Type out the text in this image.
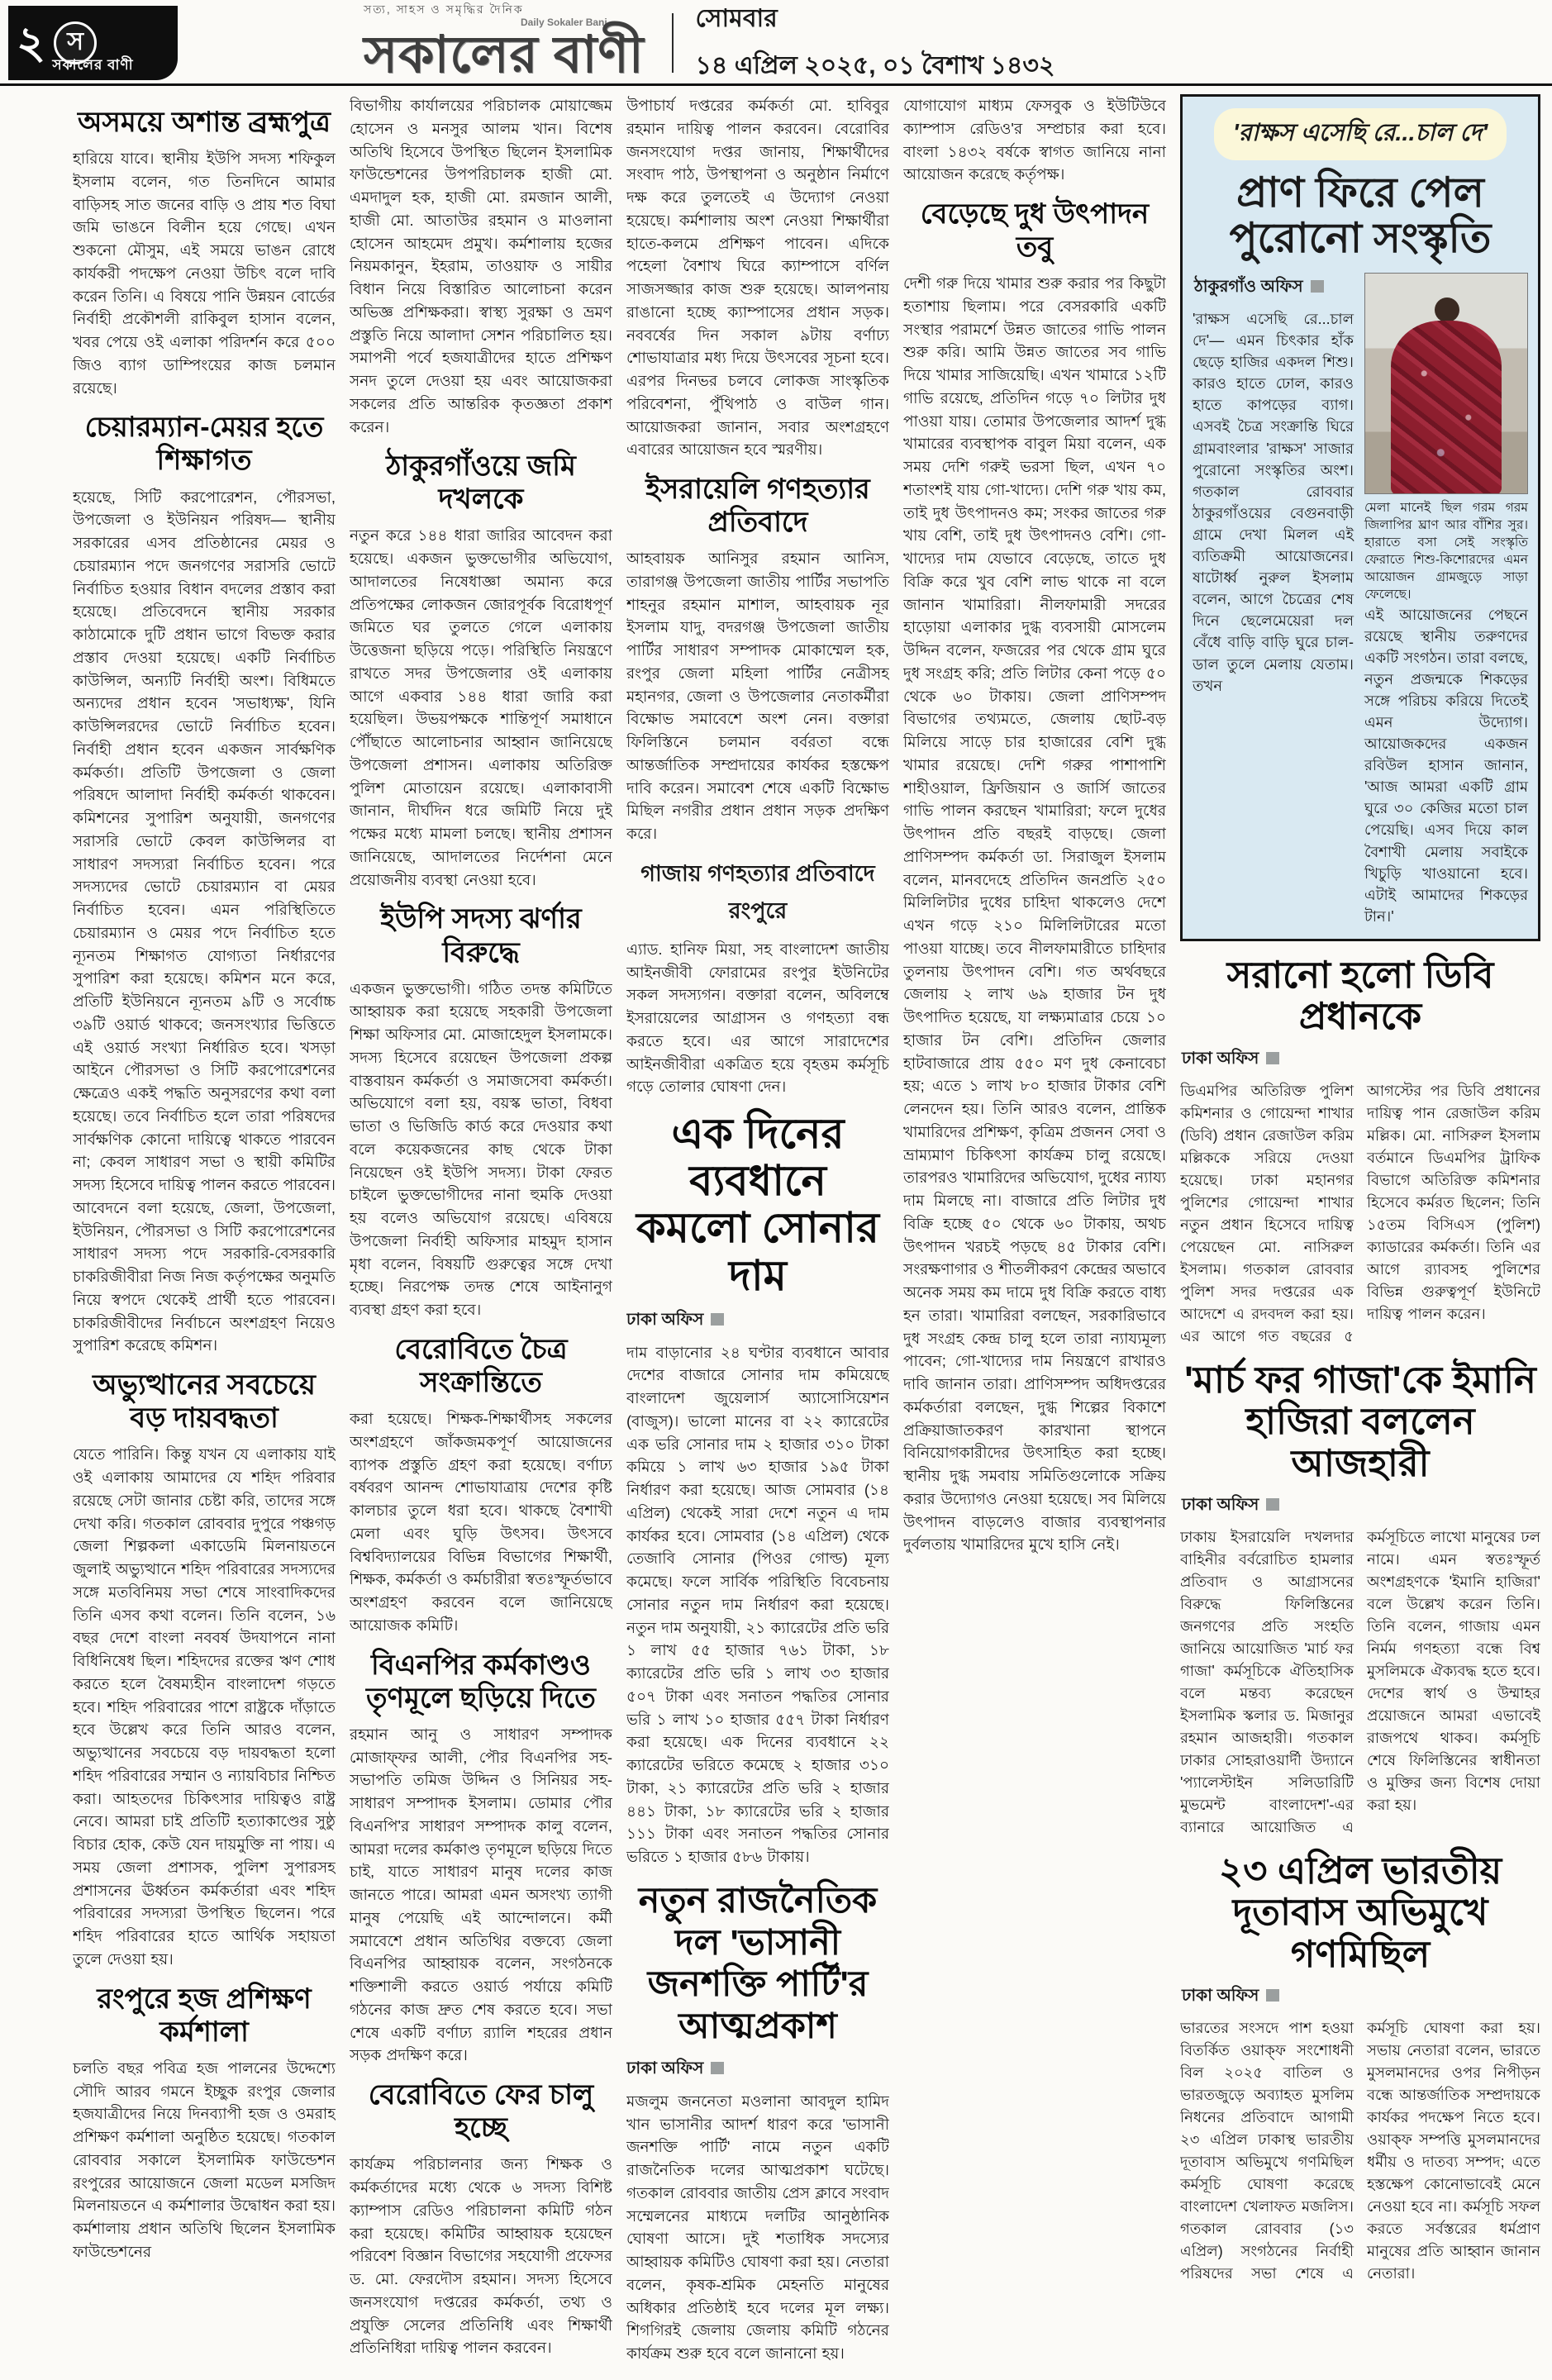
২ স
সকালের বাণী
সত্য, সাহস ও সমৃদ্ধির দৈনিক
Daily Sokaler Bani
সকালের বাণী
সোমবার
১৪ এপ্রিল ২০২৫, ০১ বৈশাখ ১৪৩২
অসময়ে অশান্ত ব্রহ্মপুত্র

হারিয়ে যাবে। স্থানীয় ইউপি সদস্য শফিকুল ইসলাম বলেন, গত তিনদিনে আমার বাড়িসহ সাত জনের বাড়ি ও প্রায় শত বিঘা জমি ভাঙনে বিলীন হয়ে গেছে। এখন শুকনো মৌসুম, এই সময়ে ভাঙন রোধে কার্যকরী পদক্ষেপ নেওয়া উচিৎ বলে দাবি করেন তিনি। এ বিষয়ে পানি উন্নয়ন বোর্ডের নির্বাহী প্রকৌশলী রাকিবুল হাসান বলেন, খবর পেয়ে ওই এলাকা পরিদর্শন করে ৫০০ জিও ব্যাগ ডাম্পিংয়ের কাজ চলমান রয়েছে।

চেয়ারম্যান-মেয়র হতে শিক্ষাগত

হয়েছে, সিটি করপোরেশন, পৌরসভা, উপজেলা ও ইউনিয়ন পরিষদ— স্থানীয় সরকারের এসব প্রতিষ্ঠানের মেয়র ও চেয়ারম্যান পদে জনগণের সরাসরি ভোটে নির্বাচিত হওয়ার বিধান বদলের প্রস্তাব করা হয়েছে। প্রতিবেদনে স্থানীয় সরকার কাঠামোকে দুটি প্রধান ভাগে বিভক্ত করার প্রস্তাব দেওয়া হয়েছে। একটি নির্বাচিত কাউন্সিল, অন্যটি নির্বাহী অংশ। বিধিমতে অন্যদের প্রধান হবেন 'সভাধ্যক্ষ', যিনি কাউন্সিলরদের ভোটে নির্বাচিত হবেন। নির্বাহী প্রধান হবেন একজন সার্বক্ষণিক কর্মকর্তা। প্রতিটি উপজেলা ও জেলা পরিষদে আলাদা নির্বাহী কর্মকর্তা থাকবেন। কমিশনের সুপারিশ অনুযায়ী, জনগণের সরাসরি ভোটে কেবল কাউন্সিলর বা সাধারণ সদস্যরা নির্বাচিত হবেন। পরে সদস্যদের ভোটে চেয়ারম্যান বা মেয়র নির্বাচিত হবেন। এমন পরিস্থিতিতে চেয়ারম্যান ও মেয়র পদে নির্বাচিত হতে ন্যূনতম শিক্ষাগত যোগ্যতা নির্ধারণের সুপারিশ করা হয়েছে। কমিশন মনে করে, প্রতিটি ইউনিয়নে ন্যূনতম ৯টি ও সর্বোচ্চ ৩৯টি ওয়ার্ড থাকবে; জনসংখ্যার ভিত্তিতে এই ওয়ার্ড সংখ্যা নির্ধারিত হবে। খসড়া আইনে পৌরসভা ও সিটি করপোরেশনের ক্ষেত্রেও একই পদ্ধতি অনুসরণের কথা বলা হয়েছে। তবে নির্বাচিত হলে তারা পরিষদের সার্বক্ষণিক কোনো দায়িত্বে থাকতে পারবেন না; কেবল সাধারণ সভা ও স্থায়ী কমিটির সদস্য হিসেবে দায়িত্ব পালন করতে পারবেন। আবেদনে বলা হয়েছে, জেলা, উপজেলা, ইউনিয়ন, পৌরসভা ও সিটি করপোরেশনের সাধারণ সদস্য পদে সরকারি-বেসরকারি চাকরিজীবীরা নিজ নিজ কর্তৃপক্ষের অনুমতি নিয়ে স্বপদে থেকেই প্রার্থী হতে পারবেন। চাকরিজীবীদের নির্বাচনে অংশগ্রহণ নিয়েও সুপারিশ করেছে কমিশন।

অভ্যুত্থানের সবচেয়ে বড় দায়বদ্ধতা

যেতে পারিনি। কিন্তু যখন যে এলাকায় যাই ওই এলাকায় আমাদের যে শহিদ পরিবার রয়েছে সেটা জানার চেষ্টা করি, তাদের সঙ্গে দেখা করি। গতকাল রোববার দুপুরে পঞ্চগড় জেলা শিল্পকলা একাডেমি মিলনায়তনে জুলাই অভ্যুত্থানে শহিদ পরিবারের সদস্যদের সঙ্গে মতবিনিময় সভা শেষে সাংবাদিকদের তিনি এসব কথা বলেন। তিনি বলেন, ১৬ বছর দেশে বাংলা নববর্ষ উদযাপনে নানা বিধিনিষেধ ছিল। শহিদদের রক্তের ঋণ শোধ করতে হলে বৈষম্যহীন বাংলাদেশ গড়তে হবে। শহিদ পরিবারের পাশে রাষ্ট্রকে দাঁড়াতে হবে উল্লেখ করে তিনি আরও বলেন, অভ্যুত্থানের সবচেয়ে বড় দায়বদ্ধতা হলো শহিদ পরিবারের সম্মান ও ন্যায়বিচার নিশ্চিত করা। আহতদের চিকিৎসার দায়িত্বও রাষ্ট্র নেবে। আমরা চাই প্রতিটি হত্যাকাণ্ডের সুষ্ঠু বিচার হোক, কেউ যেন দায়মুক্তি না পায়। এ সময় জেলা প্রশাসক, পুলিশ সুপারসহ প্রশাসনের ঊর্ধ্বতন কর্মকর্তারা এবং শহিদ পরিবারের সদস্যরা উপস্থিত ছিলেন। পরে শহিদ পরিবারের হাতে আর্থিক সহায়তা তুলে দেওয়া হয়।

রংপুরে হজ প্রশিক্ষণ কর্মশালা

চলতি বছর পবিত্র হজ পালনের উদ্দেশ্যে সৌদি আরব গমনে ইচ্ছুক রংপুর জেলার হজযাত্রীদের নিয়ে দিনব্যাপী হজ ও ওমরাহ প্রশিক্ষণ কর্মশালা অনুষ্ঠিত হয়েছে। গতকাল রোববার সকালে ইসলামিক ফাউন্ডেশন রংপুরের আয়োজনে জেলা মডেল মসজিদ মিলনায়তনে এ কর্মশালার উদ্বোধন করা হয়। কর্মশালায় প্রধান অতিথি ছিলেন ইসলামিক ফাউন্ডেশনের

বিভাগীয় কার্যালয়ের পরিচালক মোয়াজ্জেম হোসেন ও মনসুর আলম খান। বিশেষ অতিথি হিসেবে উপস্থিত ছিলেন ইসলামিক ফাউন্ডেশনের উপপরিচালক হাজী মো. এমদাদুল হক, হাজী মো. রমজান আলী, হাজী মো. আতাউর রহমান ও মাওলানা হোসেন আহমেদ প্রমুখ। কর্মশালায় হজের নিয়মকানুন, ইহরাম, তাওয়াফ ও সায়ীর বিধান নিয়ে বিস্তারিত আলোচনা করেন অভিজ্ঞ প্রশিক্ষকরা। স্বাস্থ্য সুরক্ষা ও ভ্রমণ প্রস্তুতি নিয়ে আলাদা সেশন পরিচালিত হয়। সমাপনী পর্বে হজযাত্রীদের হাতে প্রশিক্ষণ সনদ তুলে দেওয়া হয় এবং আয়োজকরা সকলের প্রতি আন্তরিক কৃতজ্ঞতা প্রকাশ করেন।

ঠাকুরগাঁওয়ে জমি দখলকে

নতুন করে ১৪৪ ধারা জারির আবেদন করা হয়েছে। একজন ভুক্তভোগীর অভিযোগ, আদালতের নিষেধাজ্ঞা অমান্য করে প্রতিপক্ষের লোকজন জোরপূর্বক বিরোধপূর্ণ জমিতে ঘর তুলতে গেলে এলাকায় উত্তেজনা ছড়িয়ে পড়ে। পরিস্থিতি নিয়ন্ত্রণে রাখতে সদর উপজেলার ওই এলাকায় আগে একবার ১৪৪ ধারা জারি করা হয়েছিল। উভয়পক্ষকে শান্তিপূর্ণ সমাধানে পৌঁছাতে আলোচনার আহ্বান জানিয়েছে উপজেলা প্রশাসন। এলাকায় অতিরিক্ত পুলিশ মোতায়েন রয়েছে। এলাকাবাসী জানান, দীর্ঘদিন ধরে জমিটি নিয়ে দুই পক্ষের মধ্যে মামলা চলছে। স্থানীয় প্রশাসন জানিয়েছে, আদালতের নির্দেশনা মেনে প্রয়োজনীয় ব্যবস্থা নেওয়া হবে।

ইউপি সদস্য ঝর্ণার বিরুদ্ধে

একজন ভুক্তভোগী। গঠিত তদন্ত কমিটিতে আহ্বায়ক করা হয়েছে সহকারী উপজেলা শিক্ষা অফিসার মো. মোজাহেদুল ইসলামকে। সদস্য হিসেবে রয়েছেন উপজেলা প্রকল্প বাস্তবায়ন কর্মকর্তা ও সমাজসেবা কর্মকর্তা। অভিযোগে বলা হয়, বয়স্ক ভাতা, বিধবা ভাতা ও ভিজিডি কার্ড করে দেওয়ার কথা বলে কয়েকজনের কাছ থেকে টাকা নিয়েছেন ওই ইউপি সদস্য। টাকা ফেরত চাইলে ভুক্তভোগীদের নানা হুমকি দেওয়া হয় বলেও অভিযোগ রয়েছে। এবিষয়ে উপজেলা নির্বাহী অফিসার মাহমুদ হাসান মৃধা বলেন, বিষয়টি গুরুত্বের সঙ্গে দেখা হচ্ছে। নিরপেক্ষ তদন্ত শেষে আইনানুগ ব্যবস্থা গ্রহণ করা হবে।

বেরোবিতে চৈত্র সংক্রান্তিতে

করা হয়েছে। শিক্ষক-শিক্ষার্থীসহ সকলের অংশগ্রহণে জাঁকজমকপূর্ণ আয়োজনের ব্যাপক প্রস্তুতি গ্রহণ করা হয়েছে। বর্ণাঢ্য বর্ষবরণ আনন্দ শোভাযাত্রায় দেশের কৃষ্টি কালচার তুলে ধরা হবে। থাকছে বৈশাখী মেলা এবং ঘুড়ি উৎসব। উৎসবে বিশ্ববিদ্যালয়ের বিভিন্ন বিভাগের শিক্ষার্থী, শিক্ষক, কর্মকর্তা ও কর্মচারীরা স্বতঃস্ফূর্তভাবে অংশগ্রহণ করবেন বলে জানিয়েছে আয়োজক কমিটি।

বিএনপির কর্মকাণ্ডও তৃণমূলে ছড়িয়ে দিতে

রহমান আনু ও সাধারণ সম্পাদক মোজাফ্‌ফর আলী, পৌর বিএনপির সহ-সভাপতি তমিজ উদ্দিন ও সিনিয়র সহ-সাধারণ সম্পাদক ইসলাম। ডোমার পৌর বিএনপি'র সাধারণ সম্পাদক কালু বলেন, আমরা দলের কর্মকাণ্ড তৃণমূলে ছড়িয়ে দিতে চাই, যাতে সাধারণ মানুষ দলের কাজ জানতে পারে। আমরা এমন অসংখ্য ত্যাগী মানুষ পেয়েছি এই আন্দোলনে। কর্মী সমাবেশে প্রধান অতিথির বক্তব্যে জেলা বিএনপির আহ্বায়ক বলেন, সংগঠনকে শক্তিশালী করতে ওয়ার্ড পর্যায়ে কমিটি গঠনের কাজ দ্রুত শেষ করতে হবে। সভা শেষে একটি বর্ণাঢ্য র‍্যালি শহরের প্রধান সড়ক প্রদক্ষিণ করে।

বেরোবিতে ফের চালু হচ্ছে

কার্যক্রম পরিচালনার জন্য শিক্ষক ও কর্মকর্তাদের মধ্যে থেকে ৬ সদস্য বিশিষ্ট ক্যাম্পাস রেডিও পরিচালনা কমিটি গঠন করা হয়েছে। কমিটির আহ্বায়ক হয়েছেন পরিবেশ বিজ্ঞান বিভাগের সহযোগী প্রফেসর ড. মো. ফেরদৌস রহমান। সদস্য হিসেবে জনসংযোগ দপ্তরের কর্মকর্তা, তথ্য ও প্রযুক্তি সেলের প্রতিনিধি এবং শিক্ষার্থী প্রতিনিধিরা দায়িত্ব পালন করবেন।

উপাচার্য দপ্তরের কর্মকর্তা মো. হাবিবুর রহমান দায়িত্ব পালন করবেন। বেরোবির জনসংযোগ দপ্তর জানায়, শিক্ষার্থীদের সংবাদ পাঠ, উপস্থাপনা ও অনুষ্ঠান নির্মাণে দক্ষ করে তুলতেই এ উদ্যোগ নেওয়া হয়েছে। কর্মশালায় অংশ নেওয়া শিক্ষার্থীরা হাতে-কলমে প্রশিক্ষণ পাবেন। এদিকে পহেলা বৈশাখ ঘিরে ক্যাম্পাসে বর্ণিল সাজসজ্জার কাজ শুরু হয়েছে। আলপনায় রাঙানো হচ্ছে ক্যাম্পাসের প্রধান সড়ক। নববর্ষের দিন সকাল ৯টায় বর্ণাঢ্য শোভাযাত্রার মধ্য দিয়ে উৎসবের সূচনা হবে। এরপর দিনভর চলবে লোকজ সাংস্কৃতিক পরিবেশনা, পুঁথিপাঠ ও বাউল গান। আয়োজকরা জানান, সবার অংশগ্রহণে এবারের আয়োজন হবে স্মরণীয়।

ইসরায়েলি গণহত্যার প্রতিবাদে

আহবায়ক আনিসুর রহমান আনিস, তারাগঞ্জ উপজেলা জাতীয় পার্টির সভাপতি শাহনুর রহমান মাশাল, আহবায়ক নূর ইসলাম যাদু, বদরগঞ্জ উপজেলা জাতীয় পার্টির সাধারণ সম্পাদক মোকাম্মেল হক, রংপুর জেলা মহিলা পার্টির নেত্রীসহ মহানগর, জেলা ও উপজেলার নেতাকর্মীরা বিক্ষোভ সমাবেশে অংশ নেন। বক্তারা ফিলিস্তিনে চলমান বর্বরতা বন্ধে আন্তর্জাতিক সম্প্রদায়ের কার্যকর হস্তক্ষেপ দাবি করেন। সমাবেশ শেষে একটি বিক্ষোভ মিছিল নগরীর প্রধান প্রধান সড়ক প্রদক্ষিণ করে।

গাজায় গণহত্যার প্রতিবাদে রংপুরে

এ্যাড. হানিফ মিয়া, সহ বাংলাদেশ জাতীয় আইনজীবী ফোরামের রংপুর ইউনিটের সকল সদস্যগন। বক্তারা বলেন, অবিলম্বে ইসরায়েলের আগ্রাসন ও গণহত্যা বন্ধ করতে হবে। এর আগে সারাদেশের আইনজীবীরা একত্রিত হয়ে বৃহত্তম কর্মসূচি গড়ে তোলার ঘোষণা দেন।

এক দিনের ব্যবধানে কমলো সোনার দাম
ঢাকা অফিস

দাম বাড়ানোর ২৪ ঘণ্টার ব্যবধানে আবার দেশের বাজারে সোনার দাম কমিয়েছে বাংলাদেশ জুয়েলার্স অ্যাসোসিয়েশন (বাজুস)। ভালো মানের বা ২২ ক্যারেটের এক ভরি সোনার দাম ২ হাজার ৩১০ টাকা কমিয়ে ১ লাখ ৬৩ হাজার ১৯৫ টাকা নির্ধারণ করা হয়েছে। আজ সোমবার (১৪ এপ্রিল) থেকেই সারা দেশে নতুন এ দাম কার্যকর হবে। সোমবার (১৪ এপ্রিল) থেকে তেজাবি সোনার (পিওর গোল্ড) মূল্য কমেছে। ফলে সার্বিক পরিস্থিতি বিবেচনায় সোনার নতুন দাম নির্ধারণ করা হয়েছে। নতুন দাম অনুযায়ী, ২১ ক্যারেটের প্রতি ভরি ১ লাখ ৫৫ হাজার ৭৬১ টাকা, ১৮ ক্যারেটের প্রতি ভরি ১ লাখ ৩৩ হাজার ৫০৭ টাকা এবং সনাতন পদ্ধতির সোনার ভরি ১ লাখ ১০ হাজার ৫৫৭ টাকা নির্ধারণ করা হয়েছে। এক দিনের ব্যবধানে ২২ ক্যারেটের ভরিতে কমেছে ২ হাজার ৩১০ টাকা, ২১ ক্যারেটের প্রতি ভরি ২ হাজার ৪৪১ টাকা, ১৮ ক্যারেটের ভরি ২ হাজার ১১১ টাকা এবং সনাতন পদ্ধতির সোনার ভরিতে ১ হাজার ৫৮৬ টাকায়।

নতুন রাজনৈতিক দল 'ভাসানী জনশক্তি পার্টি'র আত্মপ্রকাশ
ঢাকা অফিস

মজলুম জননেতা মওলানা আবদুল হামিদ খান ভাসানীর আদর্শ ধারণ করে 'ভাসানী জনশক্তি পার্টি' নামে নতুন একটি রাজনৈতিক দলের আত্মপ্রকাশ ঘটেছে। গতকাল রোববার জাতীয় প্রেস ক্লাবে সংবাদ সম্মেলনের মাধ্যমে দলটির আনুষ্ঠানিক ঘোষণা আসে। দুই শতাধিক সদস্যের আহ্বায়ক কমিটিও ঘোষণা করা হয়। নেতারা বলেন, কৃষক-শ্রমিক মেহনতি মানুষের অধিকার প্রতিষ্ঠাই হবে দলের মূল লক্ষ্য। শিগগিরই জেলায় জেলায় কমিটি গঠনের কার্যক্রম শুরু হবে বলে জানানো হয়।

যোগাযোগ মাধ্যম ফেসবুক ও ইউটিউবে ক্যাম্পাস রেডিও'র সম্প্রচার করা হবে। বাংলা ১৪৩২ বর্ষকে স্বাগত জানিয়ে নানা আয়োজন করেছে কর্তৃপক্ষ।

বেড়েছে দুধ উৎপাদন তবু

দেশী গরু দিয়ে খামার শুরু করার পর কিছুটা হতাশায় ছিলাম। পরে বেসরকারি একটি সংস্থার পরামর্শে উন্নত জাতের গাভি পালন শুরু করি। আমি উন্নত জাতের সব গাভি দিয়ে খামার সাজিয়েছি। এখন খামারে ১২টি গাভি রয়েছে, প্রতিদিন গড়ে ৭০ লিটার দুধ পাওয়া যায়। তোমার উপজেলার আদর্শ দুগ্ধ খামারের ব্যবস্থাপক বাবুল মিয়া বলেন, এক সময় দেশি গরুই ভরসা ছিল, এখন ৭০ শতাংশই যায় গো-খাদ্যে। দেশি গরু খায় কম, তাই দুধ উৎপাদনও কম; সংকর জাতের গরু খায় বেশি, তাই দুধ উৎপাদনও বেশি। গো-খাদ্যের দাম যেভাবে বেড়েছে, তাতে দুধ বিক্রি করে খুব বেশি লাভ থাকে না বলে জানান খামারিরা। নীলফামারী সদরের হাড়োয়া এলাকার দুগ্ধ ব্যবসায়ী মোসলেম উদ্দিন বলেন, ফজরের পর থেকে গ্রাম ঘুরে দুধ সংগ্রহ করি; প্রতি লিটার কেনা পড়ে ৫০ থেকে ৬০ টাকায়। জেলা প্রাণিসম্পদ বিভাগের তথ্যমতে, জেলায় ছোট-বড় মিলিয়ে সাড়ে চার হাজারের বেশি দুগ্ধ খামার রয়েছে। দেশি গরুর পাশাপাশি শাহীওয়াল, ফ্রিজিয়ান ও জার্সি জাতের গাভি পালন করছেন খামারিরা; ফলে দুধের উৎপাদন প্রতি বছরই বাড়ছে। জেলা প্রাণিসম্পদ কর্মকর্তা ডা. সিরাজুল ইসলাম বলেন, মানবদেহে প্রতিদিন জনপ্রতি ২৫০ মিলিলিটার দুধের চাহিদা থাকলেও দেশে এখন গড়ে ২১০ মিলিলিটারের মতো পাওয়া যাচ্ছে। তবে নীলফামারীতে চাহিদার তুলনায় উৎপাদন বেশি। গত অর্থবছরে জেলায় ২ লাখ ৬৯ হাজার টন দুধ উৎপাদিত হয়েছে, যা লক্ষ্যমাত্রার চেয়ে ১০ হাজার টন বেশি। প্রতিদিন জেলার হাটবাজারে প্রায় ৫৫০ মণ দুধ কেনাবেচা হয়; এতে ১ লাখ ৮০ হাজার টাকার বেশি লেনদেন হয়। তিনি আরও বলেন, প্রান্তিক খামারিদের প্রশিক্ষণ, কৃত্রিম প্রজনন সেবা ও ভ্রাম্যমাণ চিকিৎসা কার্যক্রম চালু রয়েছে। তারপরও খামারিদের অভিযোগ, দুধের ন্যায্য দাম মিলছে না। বাজারে প্রতি লিটার দুধ বিক্রি হচ্ছে ৫০ থেকে ৬০ টাকায়, অথচ উৎপাদন খরচই পড়ছে ৪৫ টাকার বেশি। সংরক্ষণাগার ও শীতলীকরণ কেন্দ্রের অভাবে অনেক সময় কম দামে দুধ বিক্রি করতে বাধ্য হন তারা। খামারিরা বলছেন, সরকারিভাবে দুধ সংগ্রহ কেন্দ্র চালু হলে তারা ন্যায্যমূল্য পাবেন; গো-খাদ্যের দাম নিয়ন্ত্রণে রাখারও দাবি জানান তারা। প্রাণিসম্পদ অধিদপ্তরের কর্মকর্তারা বলছেন, দুগ্ধ শিল্পের বিকাশে প্রক্রিয়াজাতকরণ কারখানা স্থাপনে বিনিয়োগকারীদের উৎসাহিত করা হচ্ছে। স্থানীয় দুগ্ধ সমবায় সমিতিগুলোকে সক্রিয় করার উদ্যোগও নেওয়া হয়েছে। সব মিলিয়ে উৎপাদন বাড়লেও বাজার ব্যবস্থাপনার দুর্বলতায় খামারিদের মুখে হাসি নেই।

'রাক্ষস এসেছি রে...চাল দে'
প্রাণ ফিরে পেল পুরোনো সংস্কৃতি
ঠাকুরগাঁও অফিস

'রাক্ষস এসেছি রে...চাল দে'— এমন চিৎকার হাঁক ছেড়ে হাজির একদল শিশু। কারও হাতে ঢোল, কারও হাতে কাপড়ের ব্যাগ। এসবই চৈত্র সংক্রান্তি ঘিরে গ্রামবাংলার 'রাক্ষস' সাজার পুরোনো সংস্কৃতির অংশ। গতকাল রোববার ঠাকুরগাঁওয়ের বেগুনবাড়ী গ্রামে দেখা মিলল এই ব্যতিক্রমী আয়োজনের। ষাটোর্ধ্ব নুরুল ইসলাম বলেন, আগে চৈত্রের শেষ দিনে ছেলেমেয়েরা দল বেঁধে বাড়ি বাড়ি ঘুরে চাল-ডাল তুলে মেলায় যেতাম। তখন

মেলা মানেই ছিল গরম গরম জিলাপির ঘ্রাণ আর বাঁশির সুর। হারাতে বসা সেই সংস্কৃতি ফেরাতে শিশু-কিশোরদের এমন আয়োজন গ্রামজুড়ে সাড়া ফেলেছে।

এই আয়োজনের পেছনে রয়েছে স্থানীয় তরুণদের একটি সংগঠন। তারা বলছে, নতুন প্রজন্মকে শিকড়ের সঙ্গে পরিচয় করিয়ে দিতেই এমন উদ্যোগ। আয়োজকদের একজন রবিউল হাসান জানান, 'আজ আমরা একটি গ্রাম ঘুরে ৩০ কেজির মতো চাল পেয়েছি। এসব দিয়ে কাল বৈশাখী মেলায় সবাইকে খিচুড়ি খাওয়ানো হবে। এটাই আমাদের শিকড়ের টান।'

সরানো হলো ডিবি প্রধানকে
ঢাকা অফিস

ডিএমপির অতিরিক্ত পুলিশ কমিশনার ও গোয়েন্দা শাখার (ডিবি) প্রধান রেজাউল করিম মল্লিককে সরিয়ে দেওয়া হয়েছে। ঢাকা মহানগর পুলিশের গোয়েন্দা শাখার নতুন প্রধান হিসেবে দায়িত্ব পেয়েছেন মো. নাসিরুল ইসলাম। গতকাল রোববার পুলিশ সদর দপ্তরের এক আদেশে এ রদবদল করা হয়। এর আগে গত বছরের ৫ আগস্টের পর ডিবি প্রধানের দায়িত্ব পান রেজাউল করিম মল্লিক। মো. নাসিরুল ইসলাম বর্তমানে ডিএমপির ট্রাফিক বিভাগে অতিরিক্ত কমিশনার হিসেবে কর্মরত ছিলেন; তিনি ১৫তম বিসিএস (পুলিশ) ক্যাডারের কর্মকর্তা। তিনি এর আগে র‍্যাবসহ পুলিশের বিভিন্ন গুরুত্বপূর্ণ ইউনিটে দায়িত্ব পালন করেন।

'মার্চ ফর গাজা'কে ইমানি হাজিরা বললেন আজহারী
ঢাকা অফিস

ঢাকায় ইসরায়েলি দখলদার বাহিনীর বর্বরোচিত হামলার প্রতিবাদ ও আগ্রাসনের বিরুদ্ধে ফিলিস্তিনের জনগণের প্রতি সংহতি জানিয়ে আয়োজিত 'মার্চ ফর গাজা' কর্মসূচিকে ঐতিহাসিক বলে মন্তব্য করেছেন ইসলামিক স্কলার ড. মিজানুর রহমান আজহারী। গতকাল ঢাকার সোহরাওয়ার্দী উদ্যানে 'প্যালেস্টাইন সলিডারিটি মুভমেন্ট বাংলাদেশ'-এর ব্যানারে আয়োজিত এ কর্মসূচিতে লাখো মানুষের ঢল নামে। এমন স্বতঃস্ফূর্ত অংশগ্রহণকে 'ইমানি হাজিরা' বলে উল্লেখ করেন তিনি। তিনি বলেন, গাজায় এমন নির্মম গণহত্যা বন্ধে বিশ্ব মুসলিমকে ঐক্যবদ্ধ হতে হবে। দেশের স্বার্থ ও উম্মাহর প্রয়োজনে আমরা এভাবেই রাজপথে থাকব। কর্মসূচি শেষে ফিলিস্তিনের স্বাধীনতা ও মুক্তির জন্য বিশেষ দোয়া করা হয়।

২৩ এপ্রিল ভারতীয় দূতাবাস অভিমুখে গণমিছিল
ঢাকা অফিস

ভারতের সংসদে পাশ হওয়া বিতর্কিত ওয়াক্‌ফ সংশোধনী বিল ২০২৫ বাতিল ও ভারতজুড়ে অব্যাহত মুসলিম নিধনের প্রতিবাদে আগামী ২৩ এপ্রিল ঢাকাস্থ ভারতীয় দূতাবাস অভিমুখে গণমিছিল কর্মসূচি ঘোষণা করেছে বাংলাদেশ খেলাফত মজলিস। গতকাল রোববার (১৩ এপ্রিল) সংগঠনের নির্বাহী পরিষদের সভা শেষে এ কর্মসূচি ঘোষণা করা হয়। সভায় নেতারা বলেন, ভারতে মুসলমানদের ওপর নিপীড়ন বন্ধে আন্তর্জাতিক সম্প্রদায়কে কার্যকর পদক্ষেপ নিতে হবে। ওয়াক্‌ফ সম্পত্তি মুসলমানদের ধর্মীয় ও দাতব্য সম্পদ; এতে হস্তক্ষেপ কোনোভাবেই মেনে নেওয়া হবে না। কর্মসূচি সফল করতে সর্বস্তরের ধর্মপ্রাণ মানুষের প্রতি আহ্বান জানান নেতারা।
